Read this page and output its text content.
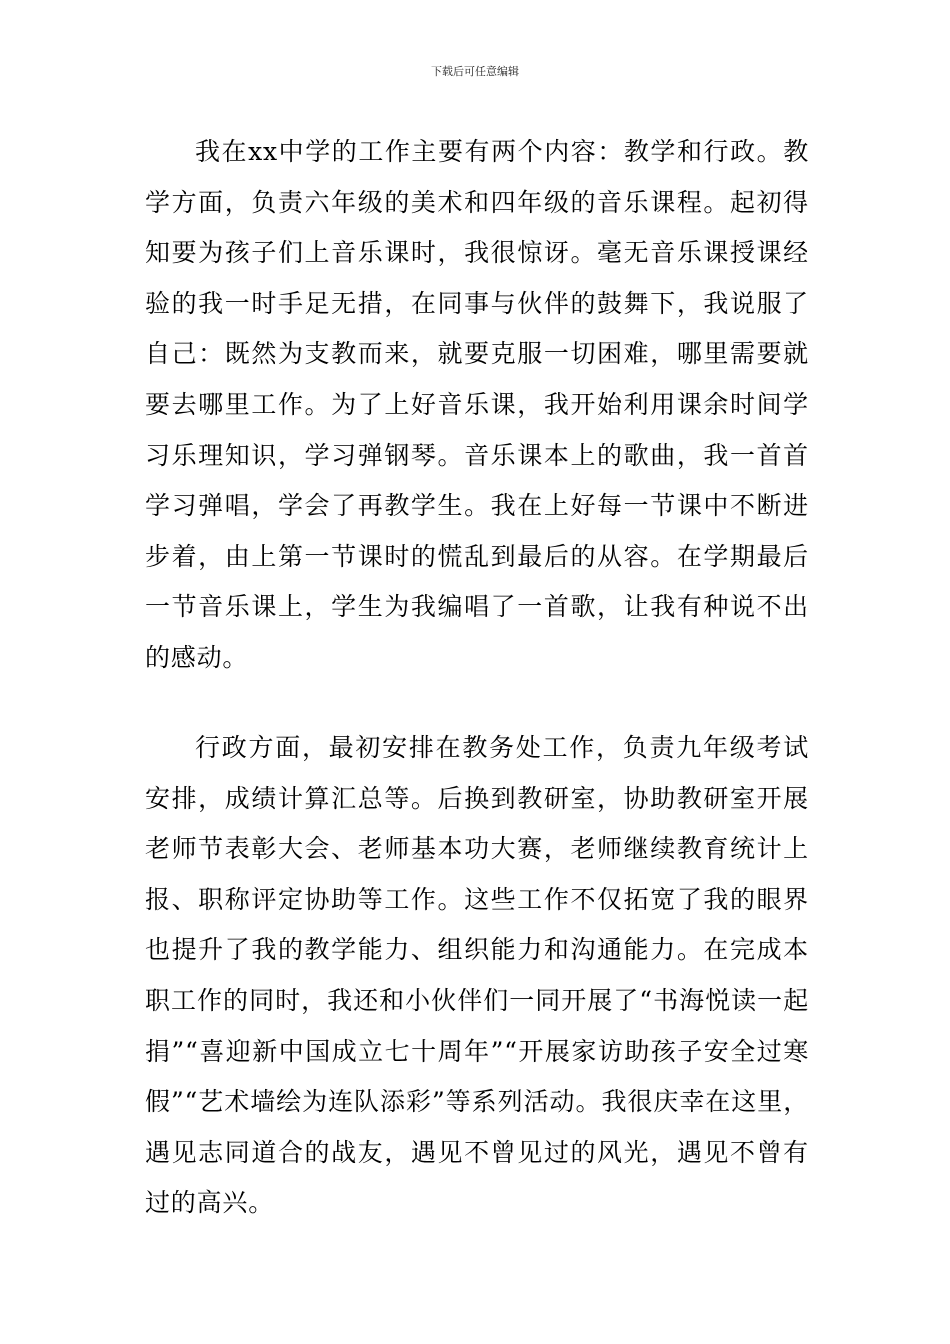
下载后可任意编辑

我在xx中学的工作主要有两个内容：教学和行政。教学方面，负责六年级的美术和四年级的音乐课程。起初得知要为孩子们上音乐课时，我很惊讶。毫无音乐课授课经验的我一时手足无措，在同事与伙伴的鼓舞下，我说服了自己：既然为支教而来，就要克服一切困难，哪里需要就要去哪里工作。为了上好音乐课，我开始利用课余时间学习乐理知识，学习弹钢琴。音乐课本上的歌曲，我一首首学习弹唱，学会了再教学生。我在上好每一节课中不断进步着，由上第一节课时的慌乱到最后的从容。在学期最后一节音乐课上，学生为我编唱了一首歌，让我有种说不出的感动。

行政方面，最初安排在教务处工作，负责九年级考试安排，成绩计算汇总等。后换到教研室，协助教研室开展老师节表彰大会、老师基本功大赛，老师继续教育统计上报、职称评定协助等工作。这些工作不仅拓宽了我的眼界也提升了我的教学能力、组织能力和沟通能力。在完成本职工作的同时，我还和小伙伴们一同开展了“书海悦读一起捐”“喜迎新中国成立七十周年”“开展家访助孩子安全过寒假”“艺术墙绘为连队添彩”等系列活动。我很庆幸在这里，遇见志同道合的战友，遇见不曾见过的风光，遇见不曾有过的高兴。
